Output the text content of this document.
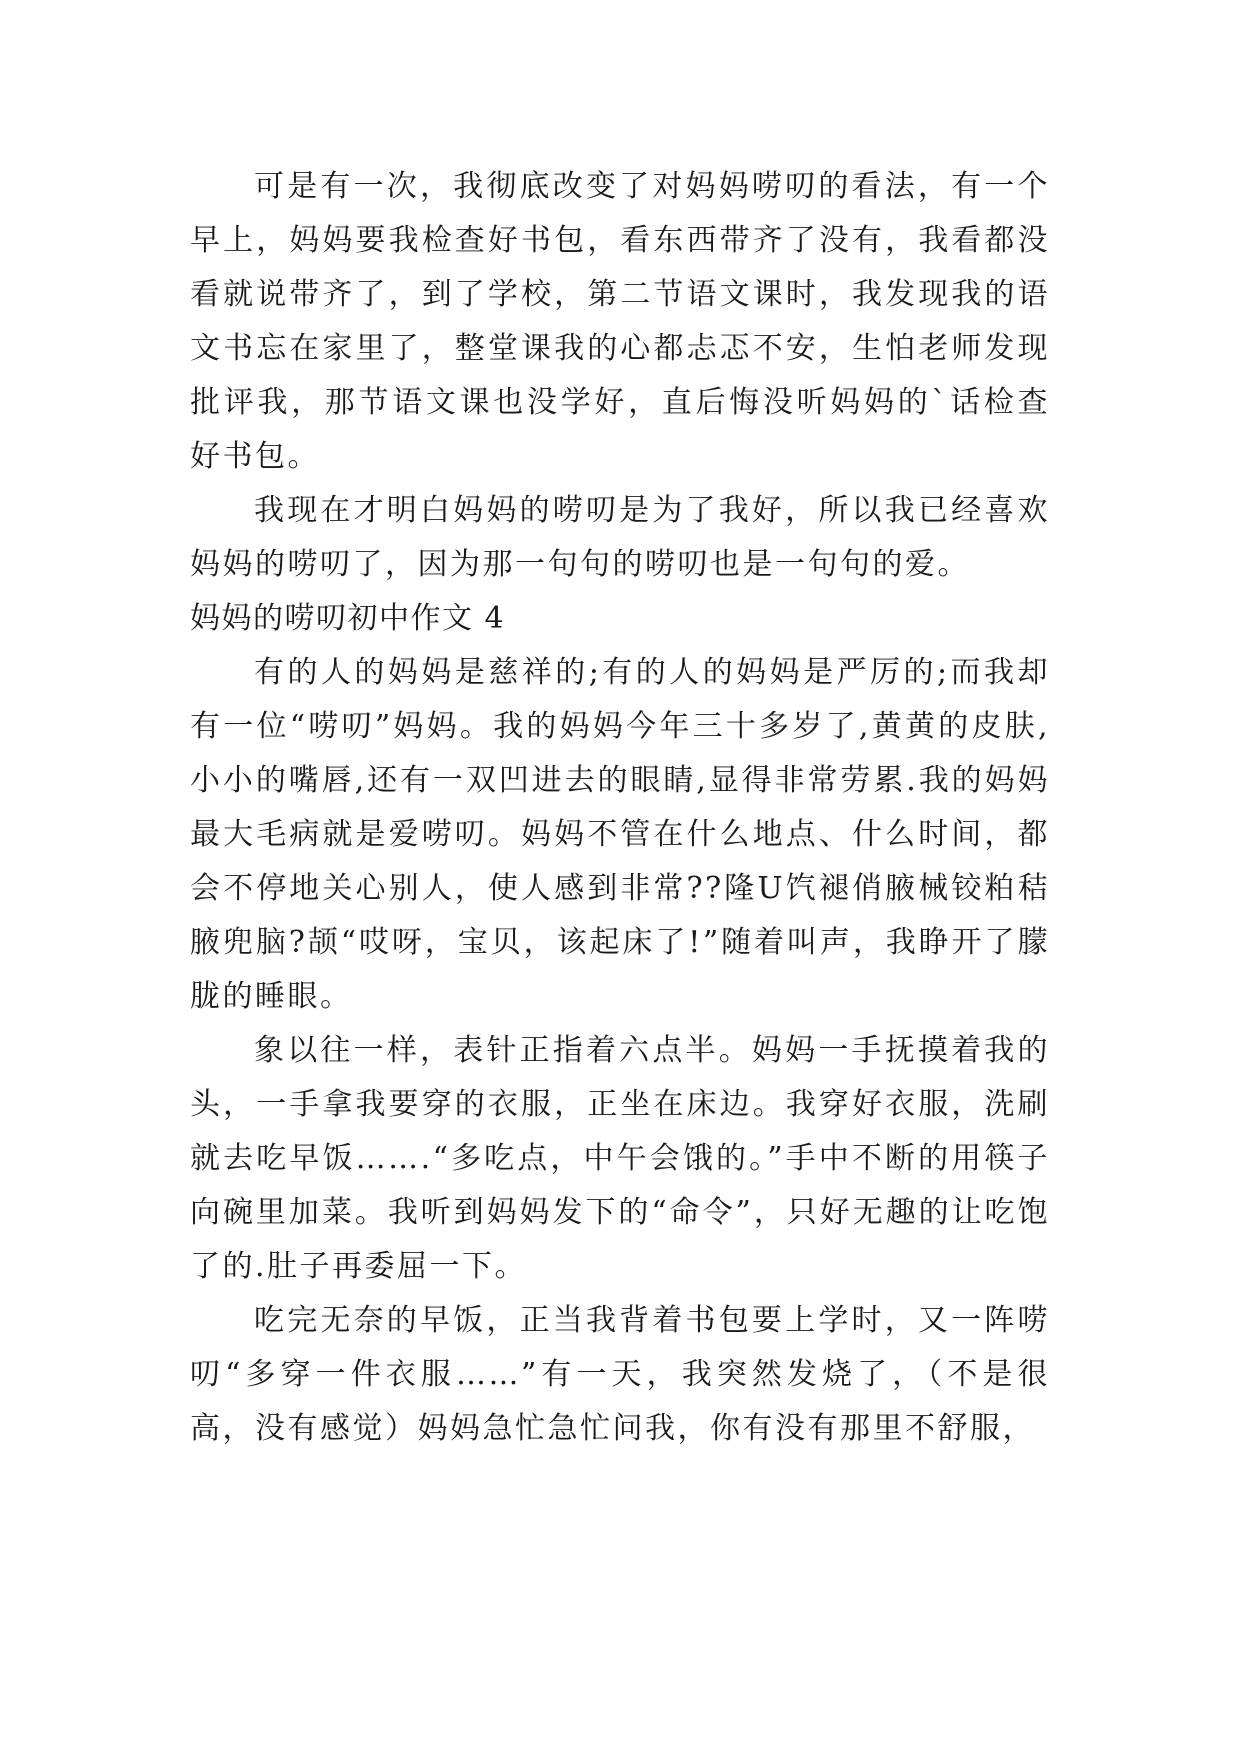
可是有一次，我彻底改变了对妈妈唠叨的看法，有一个早上，妈妈要我检查好书包，看东西带齐了没有，我看都没看就说带齐了，到了学校，第二节语文课时，我发现我的语文书忘在家里了，整堂课我的心都忐忑不安，生怕老师发现批评我，那节语文课也没学好，直后悔没听妈妈的`话检查好书包。

我现在才明白妈妈的唠叨是为了我好，所以我已经喜欢妈妈的唠叨了，因为那一句句的唠叨也是一句句的爱。

妈妈的唠叨初中作文 4

有的人的妈妈是慈祥的;有的人的妈妈是严厉的;而我却有一位“唠叨”妈妈。我的妈妈今年三十多岁了,黄黄的皮肤,小小的嘴唇,还有一双凹进去的眼睛,显得非常劳累.我的妈妈最大毛病就是爱唠叨。妈妈不管在什么地点、什么时间，都会不停地关心别人，使人感到非常??隆U饩褪俏腋械铰粕秸腋兜脑?颉“哎呀，宝贝，该起床了!”随着叫声，我睁开了朦胧的睡眼。

象以往一样，表针正指着六点半。妈妈一手抚摸着我的头，一手拿我要穿的衣服，正坐在床边。我穿好衣服，洗刷就去吃早饭…….“多吃点，中午会饿的。”手中不断的用筷子向碗里加菜。我听到妈妈发下的“命令”，只好无趣的让吃饱了的.肚子再委屈一下。

吃完无奈的早饭，正当我背着书包要上学时，又一阵唠叨“多穿一件衣服……”有一天，我突然发烧了，（不是很高，没有感觉）妈妈急忙急忙问我，你有没有那里不舒服，
